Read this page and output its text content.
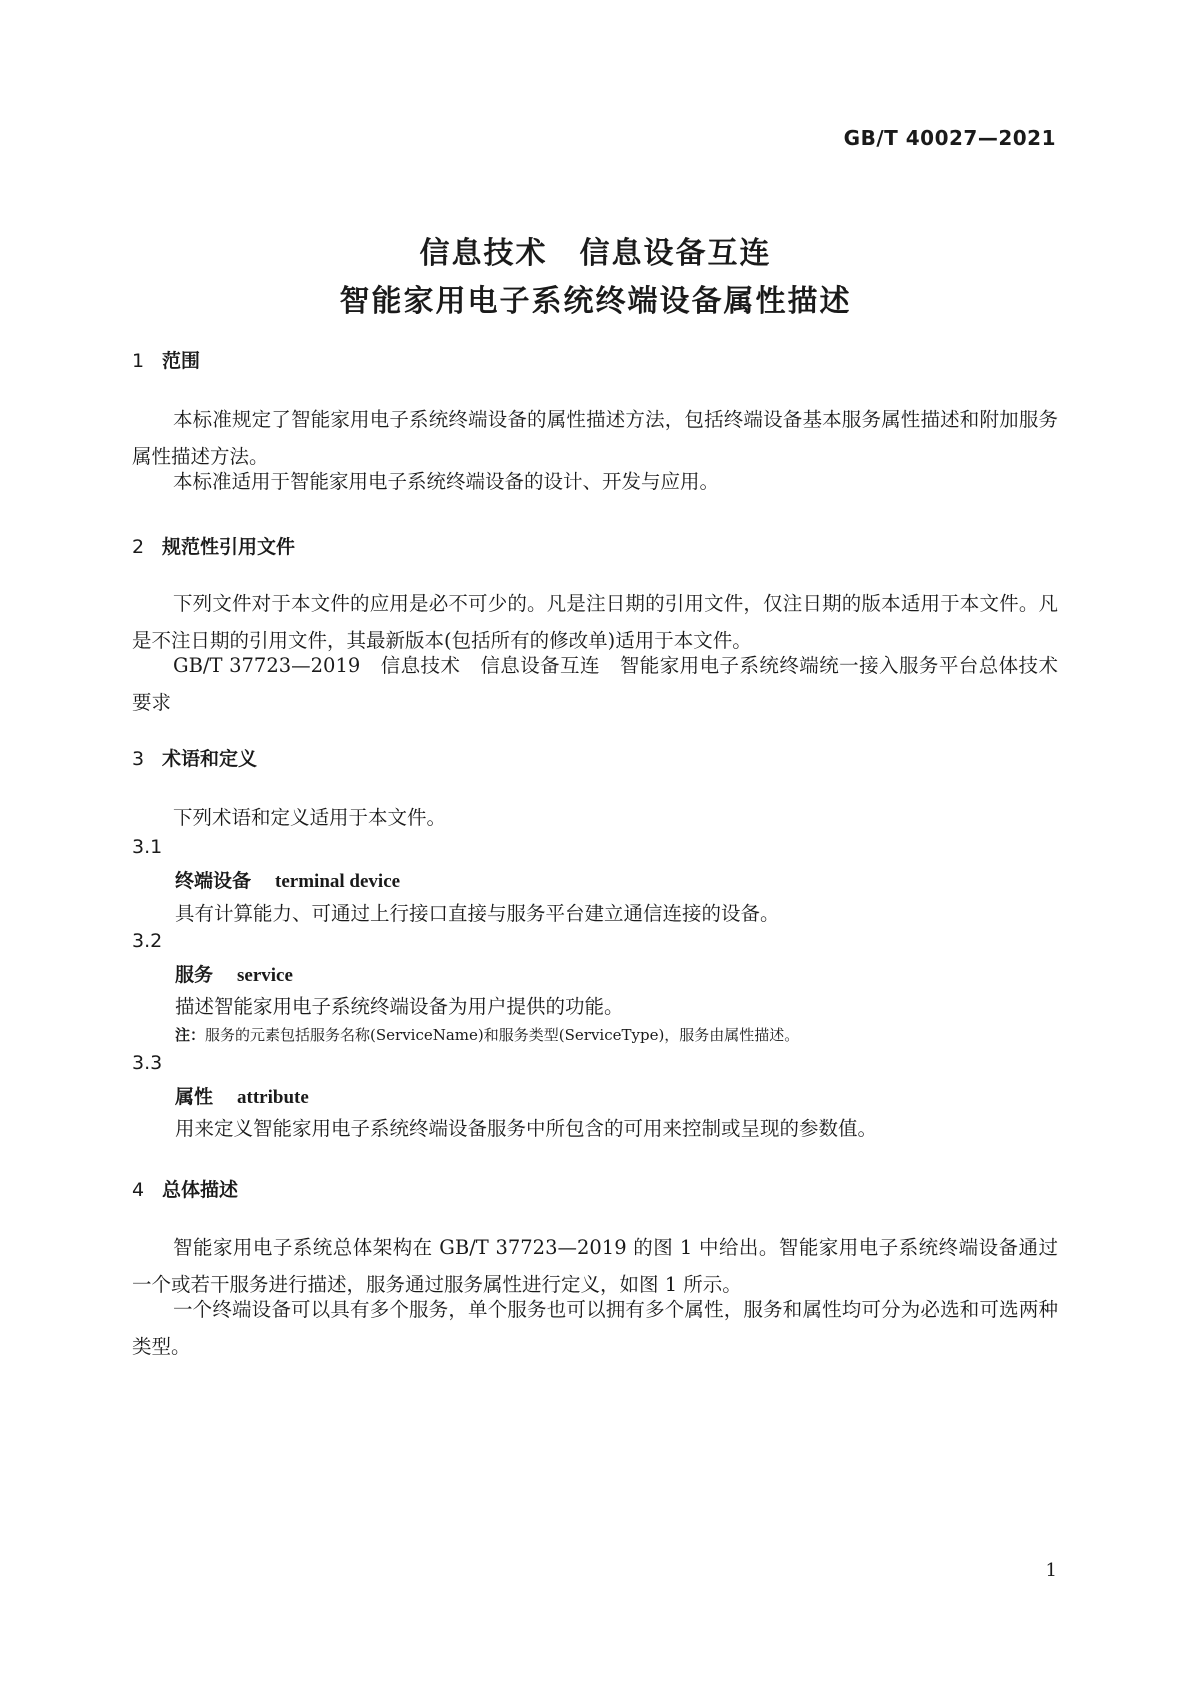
GB/T 40027—2021
信息技术　信息设备互连
智能家用电子系统终端设备属性描述
1 范围

本标准规定了智能家用电子系统终端设备的属性描述方法，包括终端设备基本服务属性描述和附加服务属性描述方法。

本标准适用于智能家用电子系统终端设备的设计、开发与应用。

2 规范性引用文件

下列文件对于本文件的应用是必不可少的。凡是注日期的引用文件，仅注日期的版本适用于本文件。凡是不注日期的引用文件，其最新版本(包括所有的修改单)适用于本文件。

GB/T 37723—2019　信息技术　信息设备互连　智能家用电子系统终端统一接入服务平台总体技术要求

3 术语和定义

下列术语和定义适用于本文件。

3.1
终端设备 terminal device
具有计算能力、可通过上行接口直接与服务平台建立通信连接的设备。
3.2
服务 service
描述智能家用电子系统终端设备为用户提供的功能。
注：服务的元素包括服务名称(ServiceName)和服务类型(ServiceType)，服务由属性描述。
3.3
属性 attribute
用来定义智能家用电子系统终端设备服务中所包含的可用来控制或呈现的参数值。
4 总体描述

智能家用电子系统总体架构在 GB/T 37723—2019 的图 1 中给出。智能家用电子系统终端设备通过一个或若干服务进行描述，服务通过服务属性进行定义，如图 1 所示。

一个终端设备可以具有多个服务，单个服务也可以拥有多个属性，服务和属性均可分为必选和可选两种类型。

1
